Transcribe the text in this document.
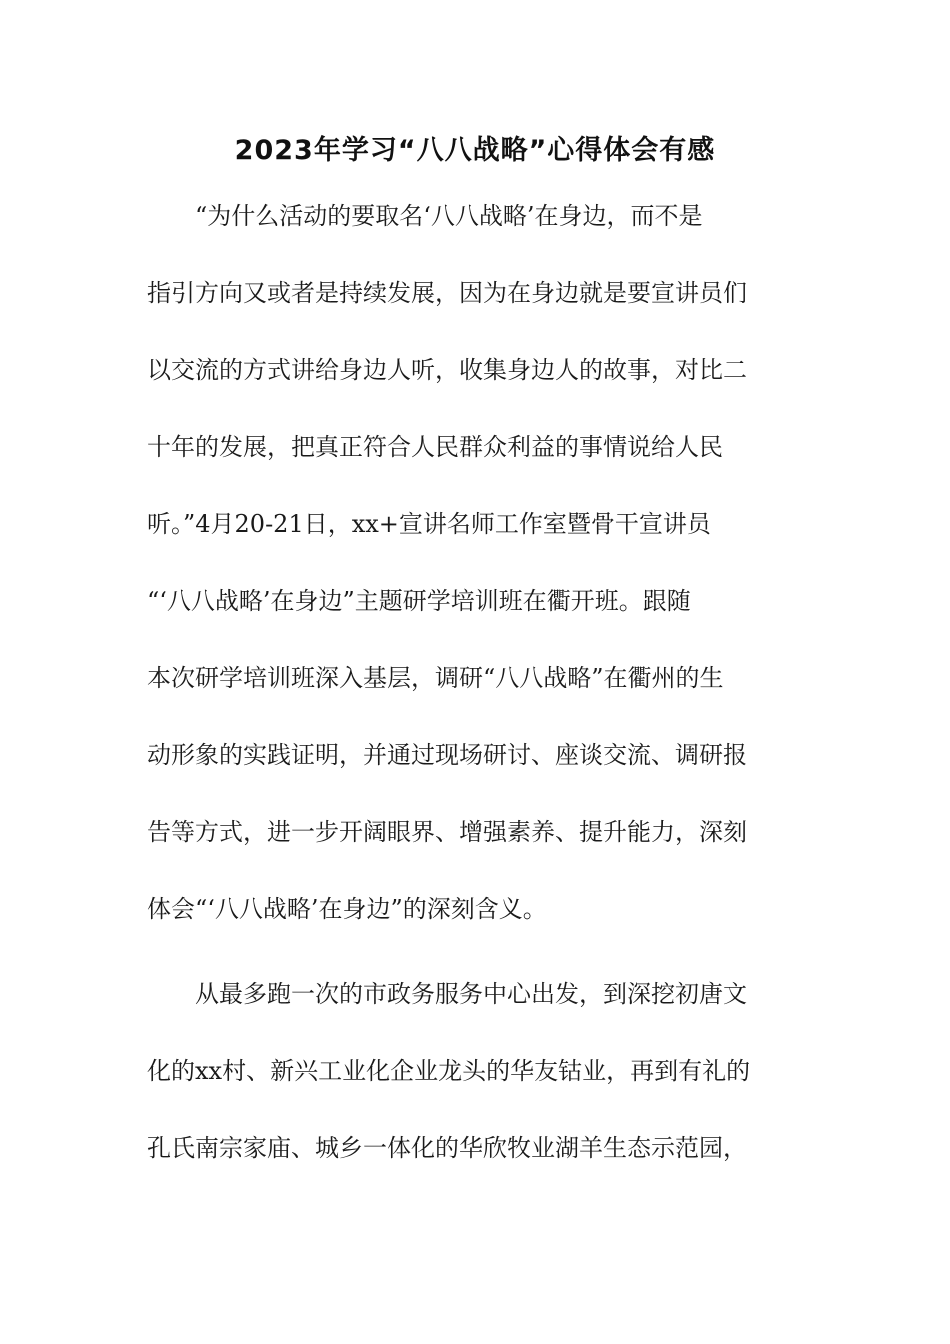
2023年学习“八八战略”心得体会有感
“为什么活动的要取名‘八八战略’在身边，而不是
指引方向又或者是持续发展，因为在身边就是要宣讲员们
以交流的方式讲给身边人听，收集身边人的故事，对比二
十年的发展，把真正符合人民群众利益的事情说给人民
听。”4月20-21日，xx+宣讲名师工作室暨骨干宣讲员
“‘八八战略’在身边”主题研学培训班在衢开班。跟随
本次研学培训班深入基层，调研“八八战略”在衢州的生
动形象的实践证明，并通过现场研讨、座谈交流、调研报
告等方式，进一步开阔眼界、增强素养、提升能力，深刻
体会“‘八八战略’在身边”的深刻含义。
从最多跑一次的市政务服务中心出发，到深挖初唐文
化的xx村、新兴工业化企业龙头的华友钴业，再到有礼的
孔氏南宗家庙、城乡一体化的华欣牧业湖羊生态示范园，
